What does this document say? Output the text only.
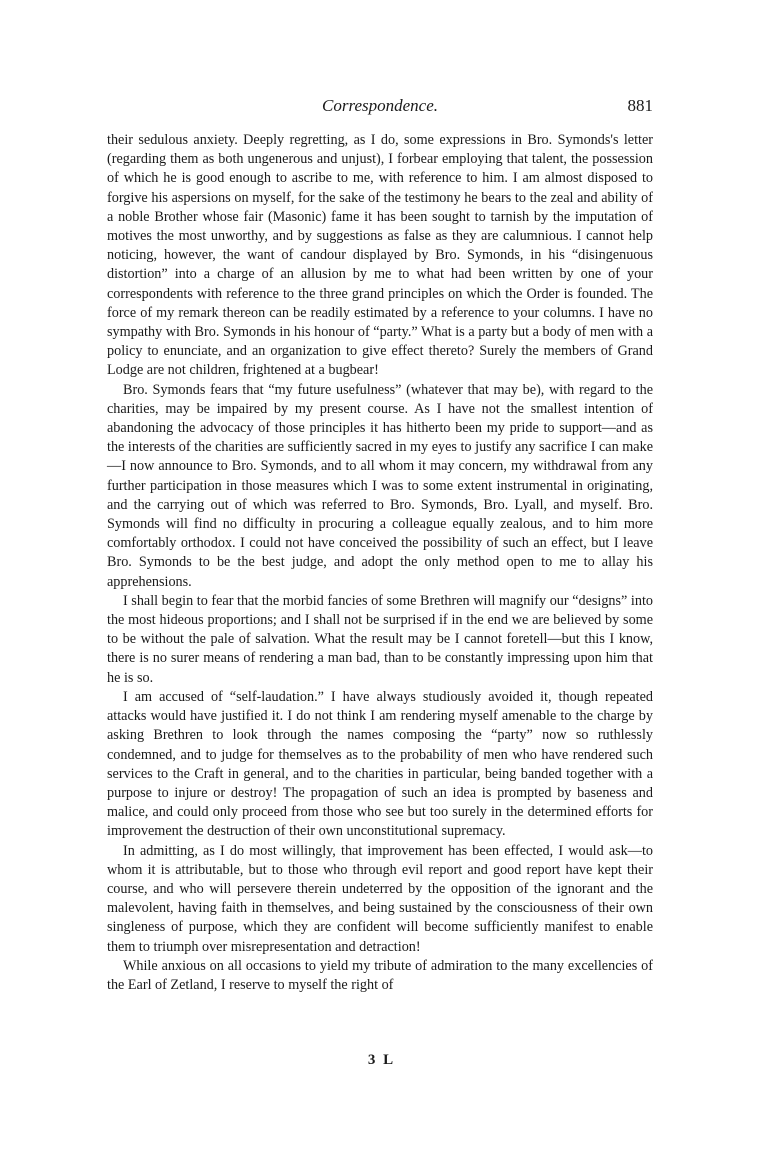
Correspondence.	881

their sedulous anxiety. Deeply regretting, as I do, some expressions in Bro. Symonds's letter (regarding them as both ungenerous and unjust), I forbear employing that talent, the possession of which he is good enough to ascribe to me, with reference to him. I am almost disposed to forgive his aspersions on myself, for the sake of the testimony he bears to the zeal and ability of a noble Brother whose fair (Masonic) fame it has been sought to tarnish by the imputation of motives the most unworthy, and by suggestions as false as they are calumnious. I cannot help noticing, however, the want of candour displayed by Bro. Symonds, in his “disingenuous distortion” into a charge of an allusion by me to what had been written by one of your correspondents with reference to the three grand principles on which the Order is founded. The force of my remark thereon can be readily estimated by a reference to your columns. I have no sympathy with Bro. Symonds in his honour of “party.” What is a party but a body of men with a policy to enunciate, and an organization to give effect thereto? Surely the members of Grand Lodge are not children, frightened at a bugbear!

Bro. Symonds fears that “my future usefulness” (whatever that may be), with regard to the charities, may be impaired by my present course. As I have not the smallest intention of abandoning the advocacy of those principles it has hitherto been my pride to support—and as the interests of the charities are sufficiently sacred in my eyes to justify any sacrifice I can make—I now announce to Bro. Symonds, and to all whom it may concern, my withdrawal from any further participation in those measures which I was to some extent instrumental in originating, and the carrying out of which was referred to Bro. Symonds, Bro. Lyall, and myself. Bro. Symonds will find no difficulty in procuring a colleague equally zealous, and to him more comfortably orthodox. I could not have conceived the possibility of such an effect, but I leave Bro. Symonds to be the best judge, and adopt the only method open to me to allay his apprehensions.

I shall begin to fear that the morbid fancies of some Brethren will magnify our “designs” into the most hideous proportions; and I shall not be surprised if in the end we are believed by some to be without the pale of salvation. What the result may be I cannot foretell—but this I know, there is no surer means of rendering a man bad, than to be constantly impressing upon him that he is so.

I am accused of “self-laudation.” I have always studiously avoided it, though repeated attacks would have justified it. I do not think I am rendering myself amenable to the charge by asking Brethren to look through the names composing the “party” now so ruthlessly condemned, and to judge for themselves as to the probability of men who have rendered such services to the Craft in general, and to the charities in particular, being banded together with a purpose to injure or destroy! The propagation of such an idea is prompted by baseness and malice, and could only proceed from those who see but too surely in the determined efforts for improvement the destruction of their own unconstitutional supremacy.

In admitting, as I do most willingly, that improvement has been effected, I would ask—to whom it is attributable, but to those who through evil report and good report have kept their course, and who will persevere therein undeterred by the opposition of the ignorant and the malevolent, having faith in themselves, and being sustained by the consciousness of their own singleness of purpose, which they are confident will become sufficiently manifest to enable them to triumph over misrepresentation and detraction!

While anxious on all occasions to yield my tribute of admiration to the many excellencies of the Earl of Zetland, I reserve to myself the right of

3 L
